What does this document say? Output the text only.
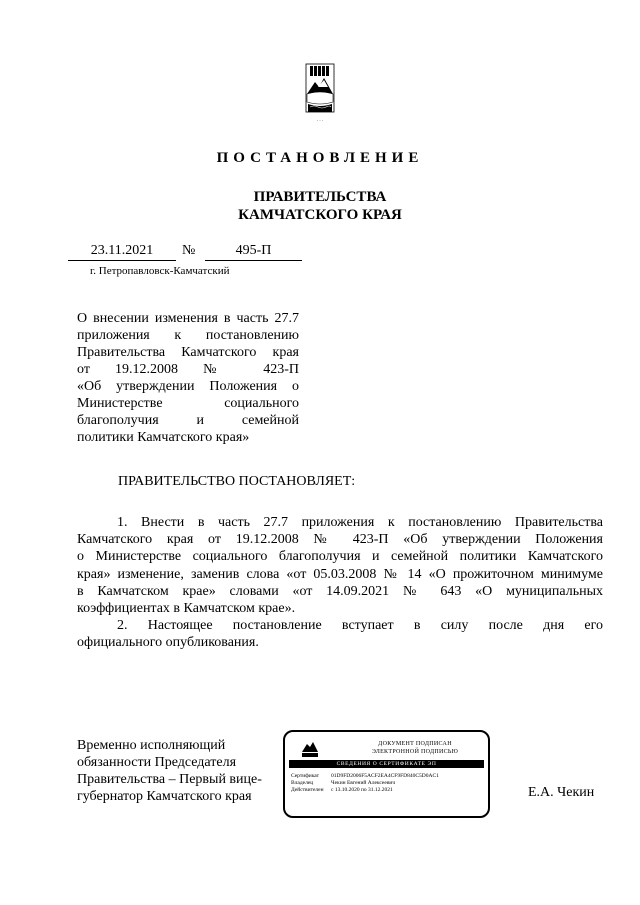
· · ·
ПОСТАНОВЛЕНИЕ
ПРАВИТЕЛЬСТВА
КАМЧАТСКОГО КРАЯ
23.11.2021	№	495-П
г. Петропавловск-Камчатский
О внесении изменения в часть 27.7
приложения к постановлению
Правительства Камчатского края
от 19.12.2008 № 423-П
«Об утверждении Положения о
Министерстве социального
благополучия и семейной
политики Камчатского края»
ПРАВИТЕЛЬСТВО ПОСТАНОВЛЯЕТ:
1. Внести в часть 27.7 приложения к постановлению Правительства
Камчатского края от 19.12.2008 № 423-П «Об утверждении Положения
о Министерстве социального благополучия и семейной политики Камчатского
края» изменение, заменив слова «от 05.03.2008 № 14 «О прожиточном минимуме
в Камчатском крае» словами «от 14.09.2021 № 643 «О муниципальных
коэффициентах в Камчатском крае».
2. Настоящее постановление вступает в силу после дня его
официального опубликования.
Временно исполняющий
обязанности Председателя
Правительства – Первый вице-
губернатор Камчатского края
ДОКУМЕНТ ПОДПИСАН
ЭЛЕКТРОННОЙ ПОДПИСЬЮ
СВЕДЕНИЯ О СЕРТИФИКАТЕ ЭП
Сертификат 01D9FD2006F5ACF2EA4CF9FD840C5D0AC1
Владелец	Чекин Евгений Алексеевич
Действителен с 13.10.2020 по 31.12.2021	Е.А. Чекин
